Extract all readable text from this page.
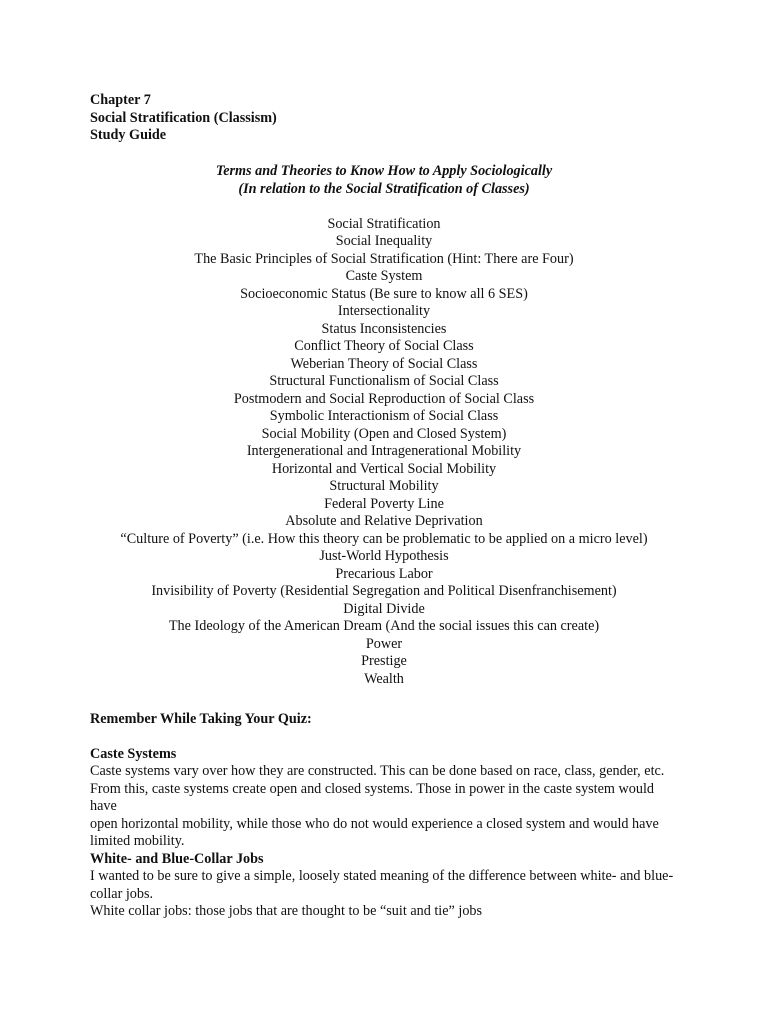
Chapter 7
Social Stratification (Classism)
Study Guide
Terms and Theories to Know How to Apply Sociologically
(In relation to the Social Stratification of Classes)
Social Stratification
Social Inequality
The Basic Principles of Social Stratification (Hint: There are Four)
Caste System
Socioeconomic Status (Be sure to know all 6 SES)
Intersectionality
Status Inconsistencies
Conflict Theory of Social Class
Weberian Theory of Social Class
Structural Functionalism of Social Class
Postmodern and Social Reproduction of Social Class
Symbolic Interactionism of Social Class
Social Mobility (Open and Closed System)
Intergenerational and Intragenerational Mobility
Horizontal and Vertical Social Mobility
Structural Mobility
Federal Poverty Line
Absolute and Relative Deprivation
“Culture of Poverty” (i.e. How this theory can be problematic to be applied on a micro level)
Just-World Hypothesis
Precarious Labor
Invisibility of Poverty (Residential Segregation and Political Disenfranchisement)
Digital Divide
The Ideology of the American Dream (And the social issues this can create)
Power
Prestige
Wealth
Remember While Taking Your Quiz:
Caste Systems
Caste systems vary over how they are constructed. This can be done based on race, class, gender, etc.
From this, caste systems create open and closed systems. Those in power in the caste system would have
open horizontal mobility, while those who do not would experience a closed system and would have
limited mobility.
White- and Blue-Collar Jobs
I wanted to be sure to give a simple, loosely stated meaning of the difference between white- and blue-
collar jobs.
White collar jobs: those jobs that are thought to be “suit and tie” jobs
